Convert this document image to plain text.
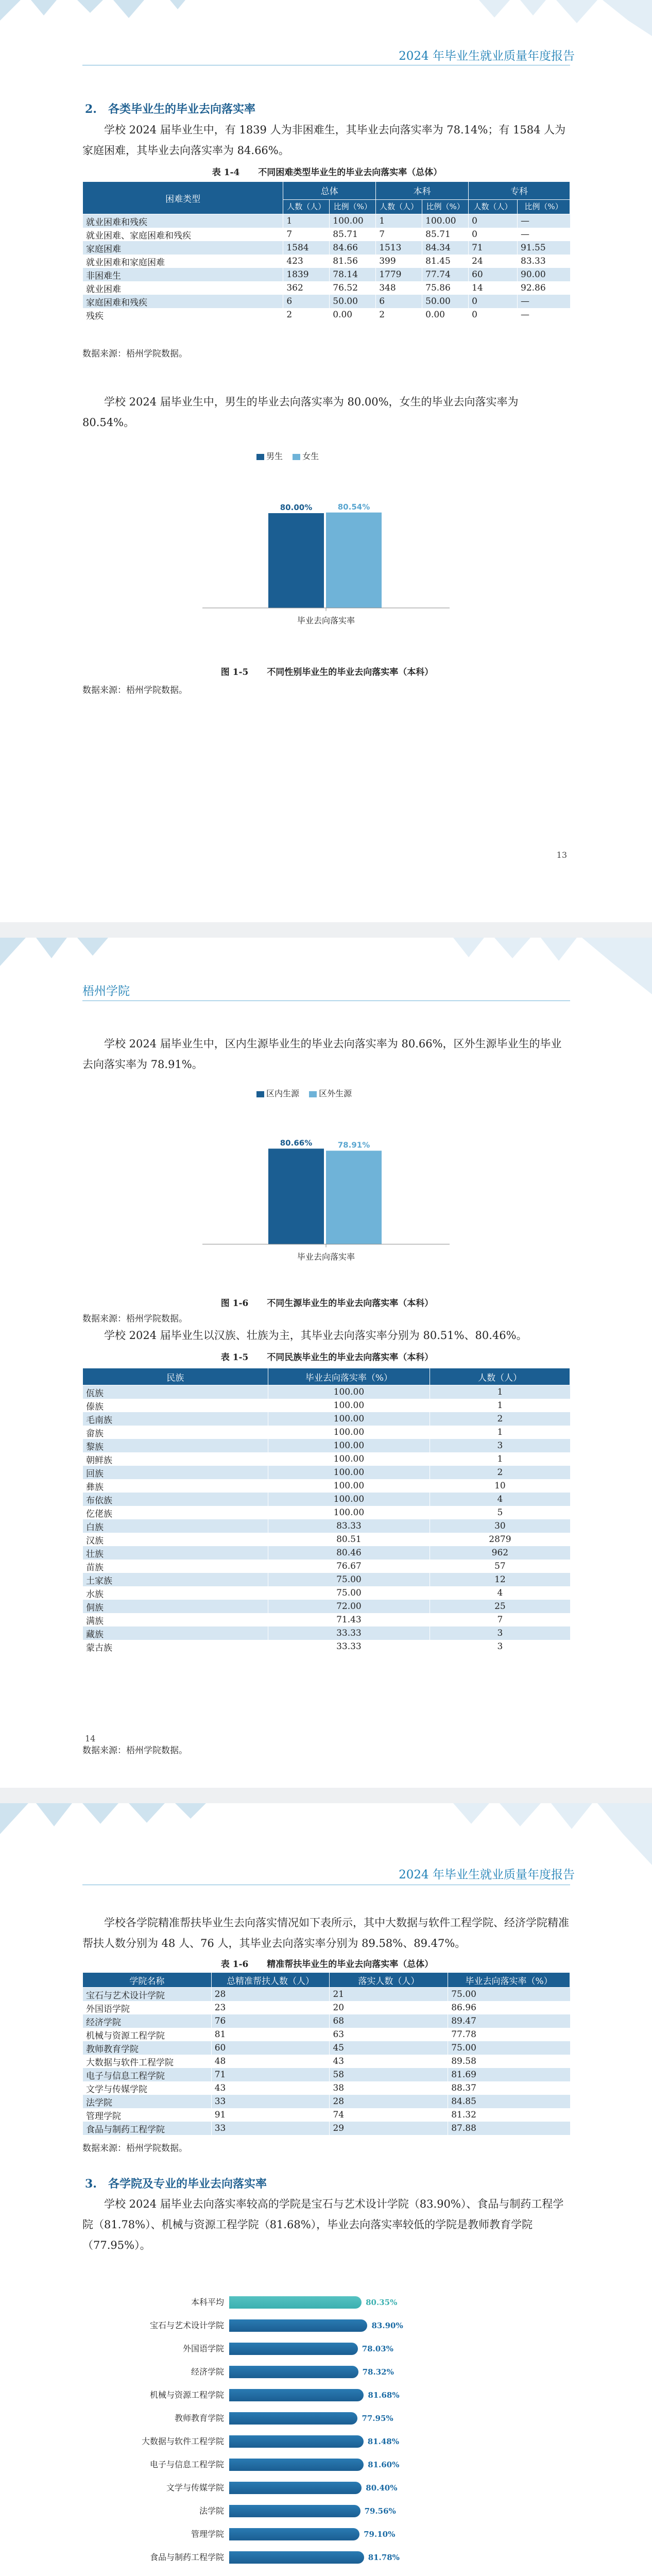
2024 年毕业生就业质量年度报告
2.　各类毕业生的毕业去向落实率
学校 2024 届毕业生中，有 1839 人为非困难生，其毕业去向落实率为 78.14%；有 1584 人为家庭困难，其毕业去向落实率为 84.66%。
表 1-4 不同困难类型毕业生的毕业去向落实率（总体）
困难类型	总体		本科		专科	
	人数（人）	比例（%）	人数（人）	比例（%）	人数（人）	比例（%）
就业困难和残疾	1	100.00	1	100.00	0	—
就业困难、家庭困难和残疾	7	85.71	7	85.71	0	—
家庭困难	1584	84.66	1513	84.34	71	91.55
就业困难和家庭困难	423	81.56	399	81.45	24	83.33
非困难生	1839	78.14	1779	77.74	60	90.00
就业困难	362	76.52	348	75.86	14	92.86
家庭困难和残疾	6	50.00	6	50.00	0	—
残疾	2	0.00	2	0.00	0	—
数据来源：梧州学院数据。
学校 2024 届毕业生中，男生的毕业去向落实率为 80.00%，女生的毕业去向落实率为 80.54%。
男生 女生
80.00%	80.54%
毕业去向落实率
图 1-5 不同性别毕业生的毕业去向落实率（本科）
数据来源：梧州学院数据。
13
梧州学院
学校 2024 届毕业生中，区内生源毕业生的毕业去向落实率为 80.66%，区外生源毕业生的毕业去向落实率为 78.91%。
区内生源 区外生源
80.66%	78.91%
毕业去向落实率
图 1-6 不同生源毕业生的毕业去向落实率（本科）
数据来源：梧州学院数据。
学校 2024 届毕业生以汉族、壮族为主，其毕业去向落实率分别为 80.51%、80.46%。
表 1-5 不同民族毕业生的毕业去向落实率（本科）
民族	毕业去向落实率（%）	人数（人）
佤族	100.00	1
傣族	100.00	1
毛南族	100.00	2
畲族	100.00	1
黎族	100.00	3
朝鲜族	100.00	1
回族	100.00	2
彝族	100.00	10
布依族	100.00	4
仡佬族	100.00	5
白族	83.33	30
汉族	80.51	2879
壮族	80.46	962
苗族	76.67	57
土家族	75.00	12
水族	75.00	4
侗族	72.00	25
满族	71.43	7
藏族	33.33	3
蒙古族	33.33	3
数据来源：梧州学院数据。
14
2024 年毕业生就业质量年度报告
学校各学院精准帮扶毕业生去向落实情况如下表所示，其中大数据与软件工程学院、经济学院精准帮扶人数分别为 48 人、76 人，其毕业去向落实率分别为 89.58%、89.47%。
表 1-6 精准帮扶毕业生的毕业去向落实率（总体）
学院名称	总精准帮扶人数（人）	落实人数（人）	毕业去向落实率（%）
宝石与艺术设计学院	28	21	75.00
外国语学院	23	20	86.96
经济学院	76	68	89.47
机械与资源工程学院	81	63	77.78
教师教育学院	60	45	75.00
大数据与软件工程学院	48	43	89.58
电子与信息工程学院	71	58	81.69
文学与传媒学院	43	38	88.37
法学院	33	28	84.85
管理学院	91	74	81.32
食品与制药工程学院	33	29	87.88
数据来源：梧州学院数据。
3.　各学院及专业的毕业去向落实率
学校 2024 届毕业去向落实率较高的学院是宝石与艺术设计学院（83.90%）、食品与制药工程学院（81.78%）、机械与资源工程学院（81.68%），毕业去向落实率较低的学院是教师教育学院（77.95%）。
本科平均	80.35%
宝石与艺术设计学院	83.90%
外国语学院	78.03%
经济学院	78.32%
机械与资源工程学院	81.68%
教师教育学院	77.95%
大数据与软件工程学院	81.48%
电子与信息工程学院	81.60%
文学与传媒学院	80.40%
法学院	79.56%
管理学院	79.10%
食品与制药工程学院	81.78%
